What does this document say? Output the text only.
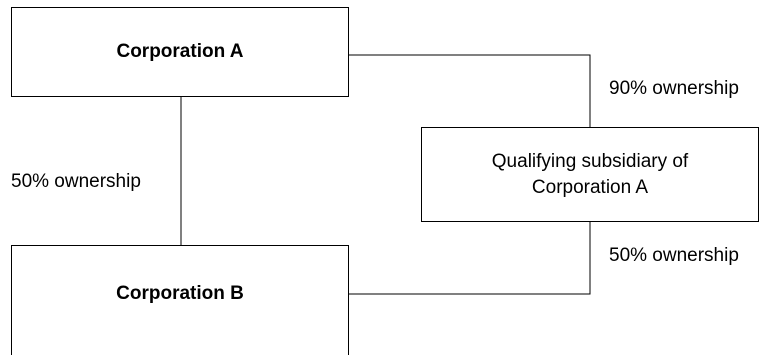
Corporation A
Qualifying subsidiary of Corporation A
Corporation B
90% ownership
50% ownership
50% ownership
